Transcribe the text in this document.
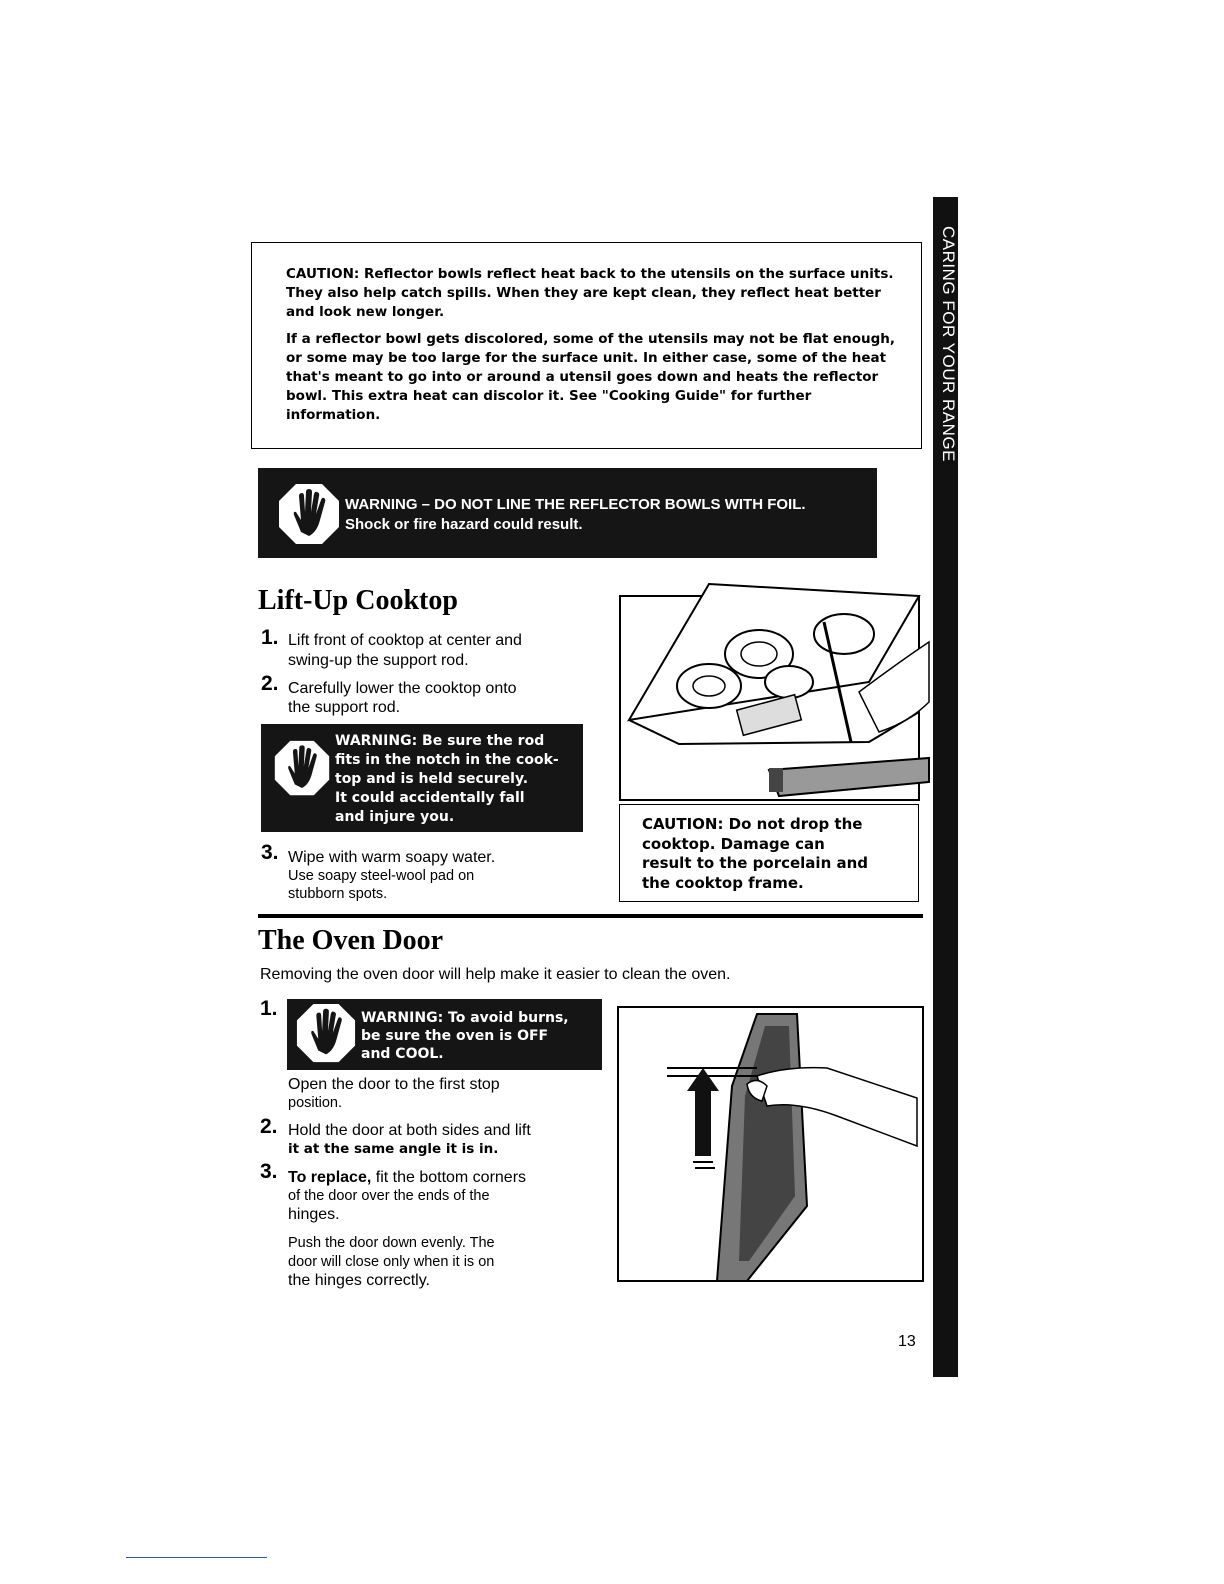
CARING FOR YOUR RANGE

CAUTION: Reflector bowls reflect heat back to the utensils on the surface units. They also help catch spills. When they are kept clean, they reflect heat better and look new longer.

If a reflector bowl gets discolored, some of the utensils may not be flat enough, or some may be too large for the surface unit. In either case, some of the heat that's meant to go into or around a utensil goes down and heats the reflector bowl. This extra heat can discolor it. See "Cooking Guide" for further information.

WARNING – DO NOT LINE THE REFLECTOR BOWLS WITH FOIL.
Shock or fire hazard could result.
Lift-Up Cooktop
1. Lift front of cooktop at center and
swing-up the support rod.
2. Carefully lower the cooktop onto
the support rod.
WARNING: Be sure the rod
fits in the notch in the cook-
top and is held securely.
It could accidentally fall
and injure you.
3. Wipe with warm soapy water.
Use soapy steel-wool pad on
stubborn spots.
CAUTION: Do not drop the
cooktop. Damage can
result to the porcelain and
the cooktop frame.
The Oven Door
Removing the oven door will help make it easier to clean the oven.
1.	WARNING: To avoid burns,
be sure the oven is OFF
and COOL.
Open the door to the first stop
position.
2. Hold the door at both sides and lift
it at the same angle it is in.
3. To replace, fit the bottom corners
of the door over the ends of the
hinges.
Push the door down evenly. The
door will close only when it is on
the hinges correctly.
13
